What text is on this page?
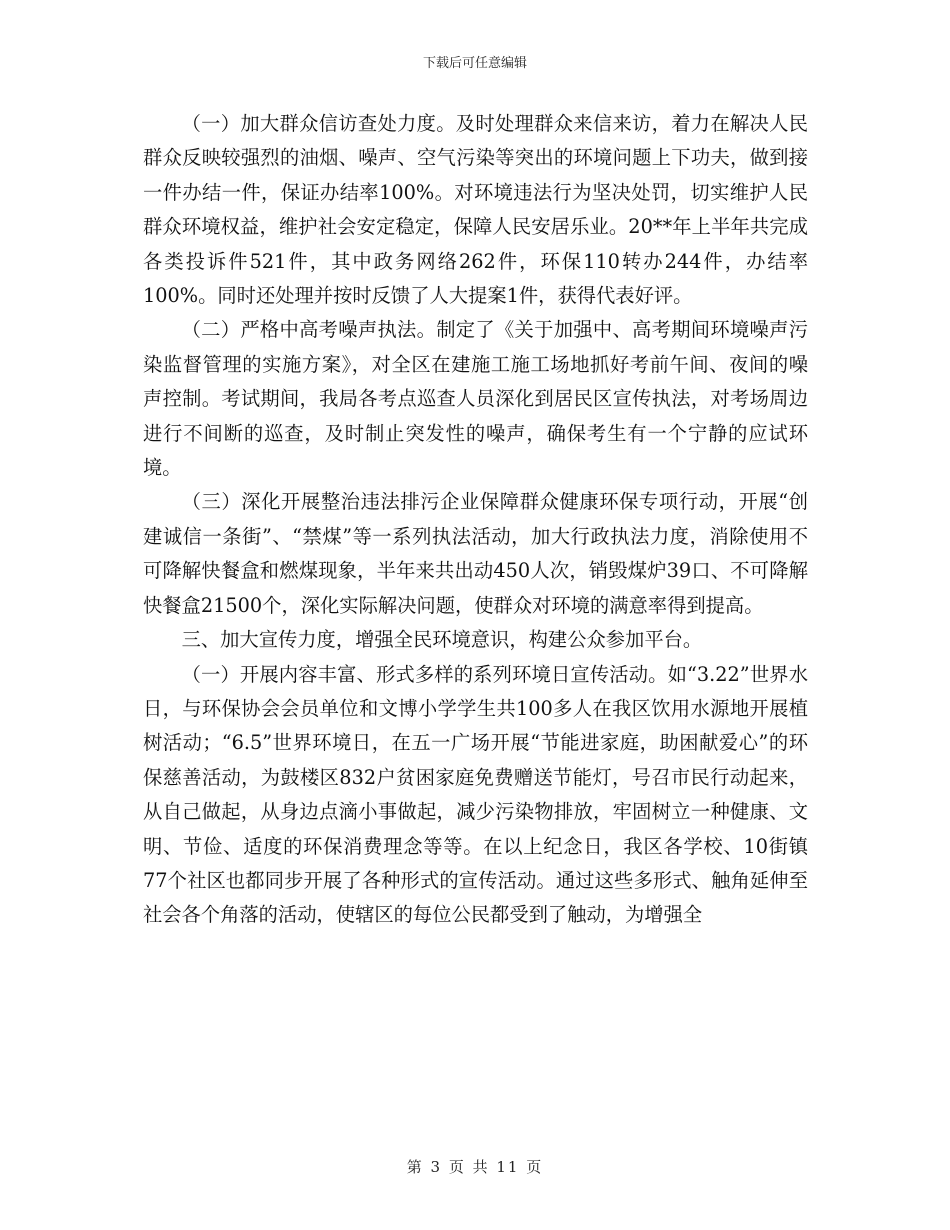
下载后可任意编辑

（一）加大群众信访查处力度。及时处理群众来信来访，着力在解决人民群众反映较强烈的油烟、噪声、空气污染等突出的环境问题上下功夫，做到接一件办结一件，保证办结率100%。对环境违法行为坚决处罚，切实维护人民群众环境权益，维护社会安定稳定，保障人民安居乐业。20**年上半年共完成各类投诉件521件，其中政务网络262件，环保110转办244件，办结率100%。同时还处理并按时反馈了人大提案1件，获得代表好评。

（二）严格中高考噪声执法。制定了《关于加强中、高考期间环境噪声污染监督管理的实施方案》，对全区在建施工施工场地抓好考前午间、夜间的噪声控制。考试期间，我局各考点巡查人员深化到居民区宣传执法，对考场周边进行不间断的巡查，及时制止突发性的噪声，确保考生有一个宁静的应试环境。

（三）深化开展整治违法排污企业保障群众健康环保专项行动，开展“创建诚信一条街”、“禁煤”等一系列执法活动，加大行政执法力度，消除使用不可降解快餐盒和燃煤现象，半年来共出动450人次，销毁煤炉39口、不可降解快餐盒21500个，深化实际解决问题，使群众对环境的满意率得到提高。

三、加大宣传力度，增强全民环境意识，构建公众参加平台。

（一）开展内容丰富、形式多样的系列环境日宣传活动。如“3.22”世界水日，与环保协会会员单位和文博小学学生共100多人在我区饮用水源地开展植树活动；“6.5”世界环境日，在五一广场开展“节能进家庭，助困献爱心”的环保慈善活动，为鼓楼区832户贫困家庭免费赠送节能灯，号召市民行动起来，从自己做起，从身边点滴小事做起，减少污染物排放，牢固树立一种健康、文明、节俭、适度的环保消费理念等等。在以上纪念日，我区各学校、10街镇77个社区也都同步开展了各种形式的宣传活动。通过这些多形式、触角延伸至社会各个角落的活动，使辖区的每位公民都受到了触动，为增强全

第 3 页 共 11 页
